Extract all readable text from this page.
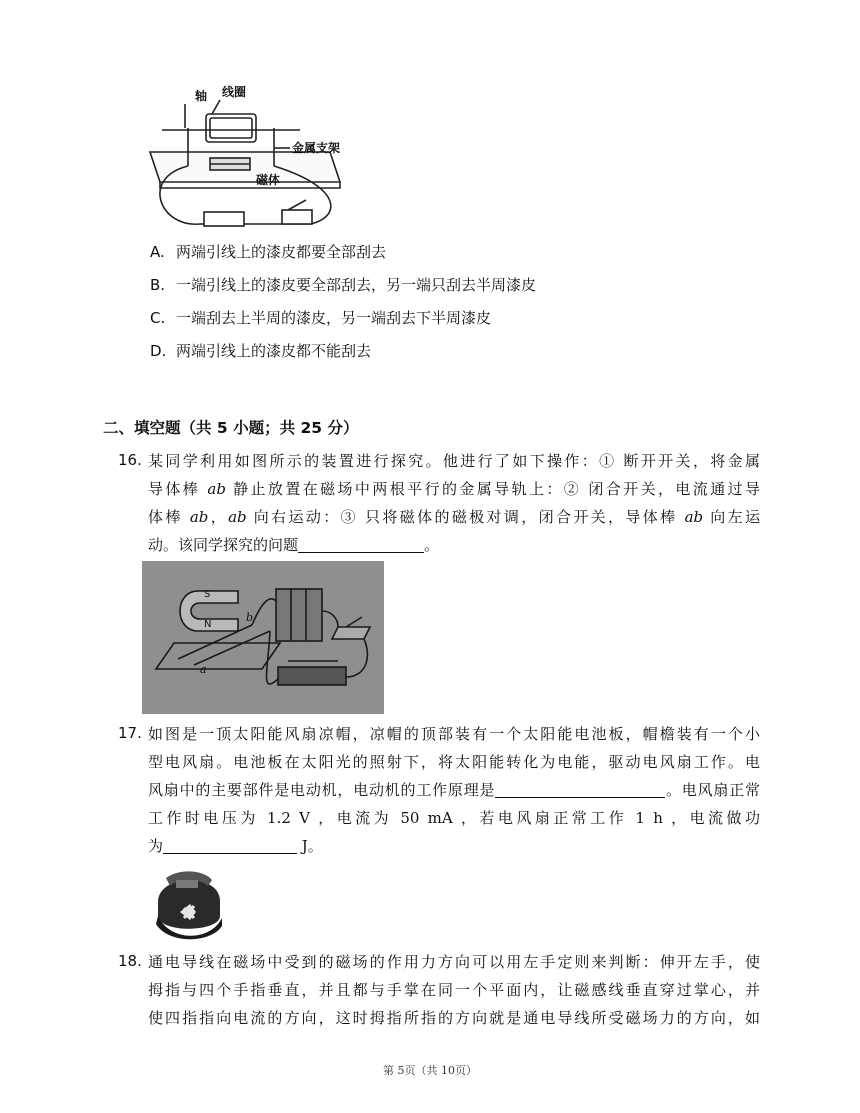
轴 线圈
金属支架
磁体
A. 两端引线上的漆皮都要全部刮去
B. 一端引线上的漆皮要全部刮去，另一端只刮去半周漆皮
C. 一端刮去上半周的漆皮，另一端刮去下半周漆皮
D. 两端引线上的漆皮都不能刮去
二、填空题（共 5 小题；共 25 分）
16. 某同学利用如图所示的装置进行探究。他进行了如下操作：① 断开开关，将金属
导体棒 ab 静止放置在磁场中两根平行的金属导轨上：② 闭合开关，电流通过导
体棒 ab，ab 向右运动：③ 只将磁体的磁极对调，闭合开关，导体棒 ab 向左运
动。该同学探究的问题	。
S
N
a
b
17. 如图是一顶太阳能风扇凉帽，凉帽的顶部装有一个太阳能电池板，帽檐装有一个小
型电风扇。电池板在太阳光的照射下，将太阳能转化为电能，驱动电风扇工作。电
风扇中的主要部件是电动机，电动机的工作原理是	。电风扇正常
工作时电压为 1.2 V ，电流为 50 mA ，若电风扇正常工作 1 h ，电流做功
为	J。
18. 通电导线在磁场中受到的磁场的作用力方向可以用左手定则来判断：伸开左手，使
拇指与四个手指垂直，并且都与手掌在同一个平面内，让磁感线垂直穿过掌心，并
使四指指向电流的方向，这时拇指所指的方向就是通电导线所受磁场力的方向，如
第 5页（共 10页）
